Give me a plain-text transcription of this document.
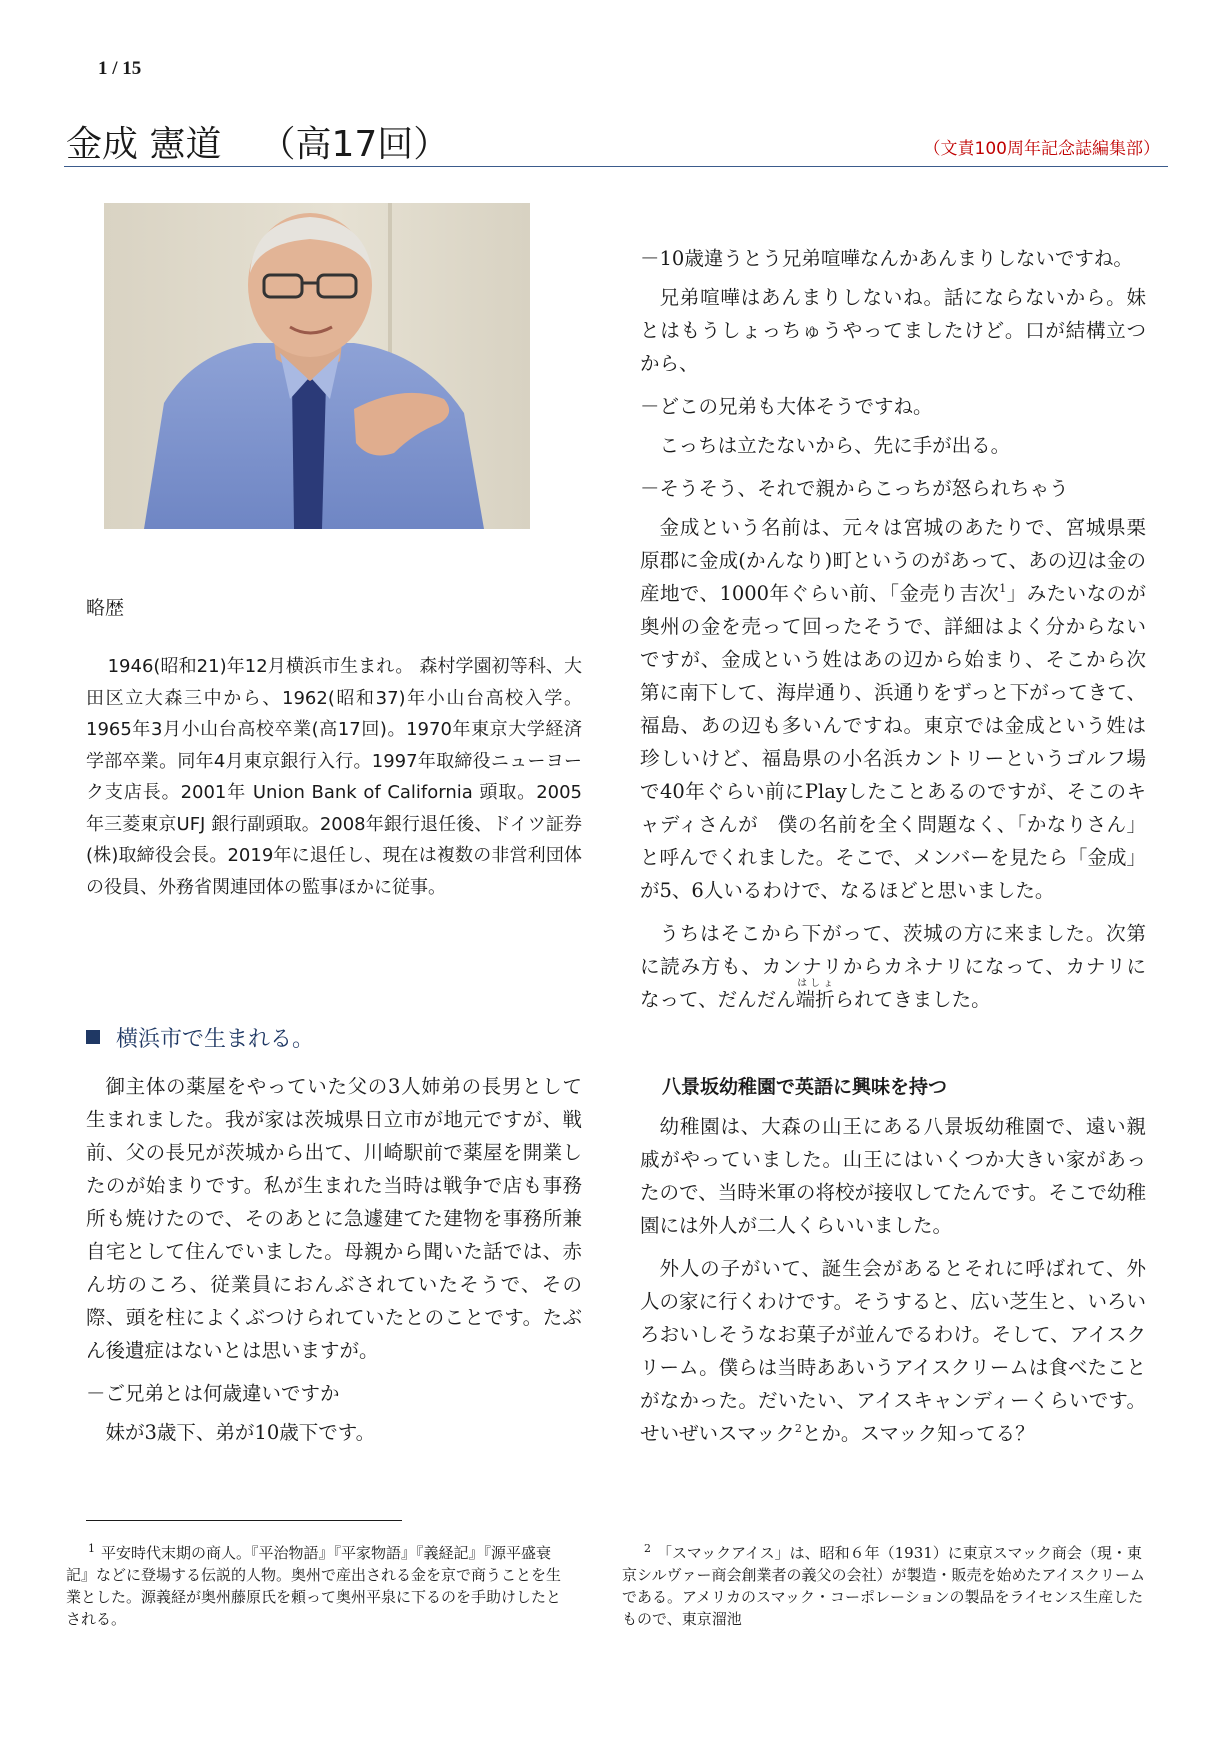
1 / 15
金成 憲道 （高17回）	（文責100周年記念誌編集部）
略歴

1946(昭和21)年12月横浜市生まれ。 森村学園初等科、大田区立大森三中から、1962(昭和37)年小山台高校入学。1965年3月小山台高校卒業(高17回)。1970年東京大学経済学部卒業。同年4月東京銀行入行。1997年取締役ニューヨーク支店長。2001年 Union Bank of California 頭取。2005年三菱東京UFJ 銀行副頭取。2008年銀行退任後、ドイツ証券(株)取締役会長。2019年に退任し、現在は複数の非営利団体の役員、外務省関連団体の監事ほかに従事。

横浜市で生まれる。

御主体の薬屋をやっていた父の3人姉弟の長男として生まれました。我が家は茨城県日立市が地元ですが、戦前、父の長兄が茨城から出て、川崎駅前で薬屋を開業したのが始まりです。私が生まれた当時は戦争で店も事務所も焼けたので、そのあとに急遽建てた建物を事務所兼自宅として住んでいました。母親から聞いた話では、赤ん坊のころ、従業員におんぶされていたそうで、その際、頭を柱によくぶつけられていたとのことです。たぶん後遺症はないとは思いますが。

－ご兄弟とは何歳違いですか

妹が3歳下、弟が10歳下です。

－10歳違うとう兄弟喧嘩なんかあんまりしないですね。

兄弟喧嘩はあんまりしないね。話にならないから。妹とはもうしょっちゅうやってましたけど。口が結構立つから、

－どこの兄弟も大体そうですね。

こっちは立たないから、先に手が出る。

－そうそう、それで親からこっちが怒られちゃう

金成という名前は、元々は宮城のあたりで、宮城県栗原郡に金成(かんなり)町というのがあって、あの辺は金の産地で、1000年ぐらい前、「金売り吉次$^1$」みたいなのが奥州の金を売って回ったそうで、詳細はよく分からないですが、金成という姓はあの辺から始まり、そこから次第に南下して、海岸通り、浜通りをずっと下がってきて、福島、あの辺も多いんですね。東京では金成という姓は珍しいけど、福島県の小名浜カントリーというゴルフ場で40年ぐらい前にPlayしたことあるのですが、そこのキャディさんが　僕の名前を全く問題なく、「かなりさん」と呼んでくれました。そこで、メンバーを見たら「金成」が5、6人いるわけで、なるほどと思いました。

うちはそこから下がって、茨城の方に来ました。次第に読み方も、カンナリからカネナリになって、カナリになって、だんだん端折はしょられてきました。

八景坂幼稚園で英語に興味を持つ

幼稚園は、大森の山王にある八景坂幼稚園で、遠い親戚がやっていました。山王にはいくつか大きい家があったので、当時米軍の将校が接収してたんです。そこで幼稚園には外人が二人くらいいました。

外人の子がいて、誕生会があるとそれに呼ばれて、外人の家に行くわけです。そうすると、広い芝生と、いろいろおいしそうなお菓子が並んでるわけ。そして、アイスクリーム。僕らは当時ああいうアイスクリームは食べたことがなかった。だいたい、アイスキャンディーくらいです。せいぜいスマック$^2$とか。スマック知ってる？

$^1$ 平安時代末期の商人。『平治物語』『平家物語』『義経記』『源平盛衰記』などに登場する伝説的人物。奥州で産出される金を京で商うことを生業とした。源義経が奥州藤原氏を頼って奥州平泉に下るのを手助けしたとされる。

$^2$ 「スマックアイス」は、昭和６年（1931）に東京スマック商会（現・東京シルヴァー商会創業者の義父の会社）が製造・販売を始めたアイスクリームである。アメリカのスマック・コーポレーションの製品をライセンス生産したもので、東京溜池
